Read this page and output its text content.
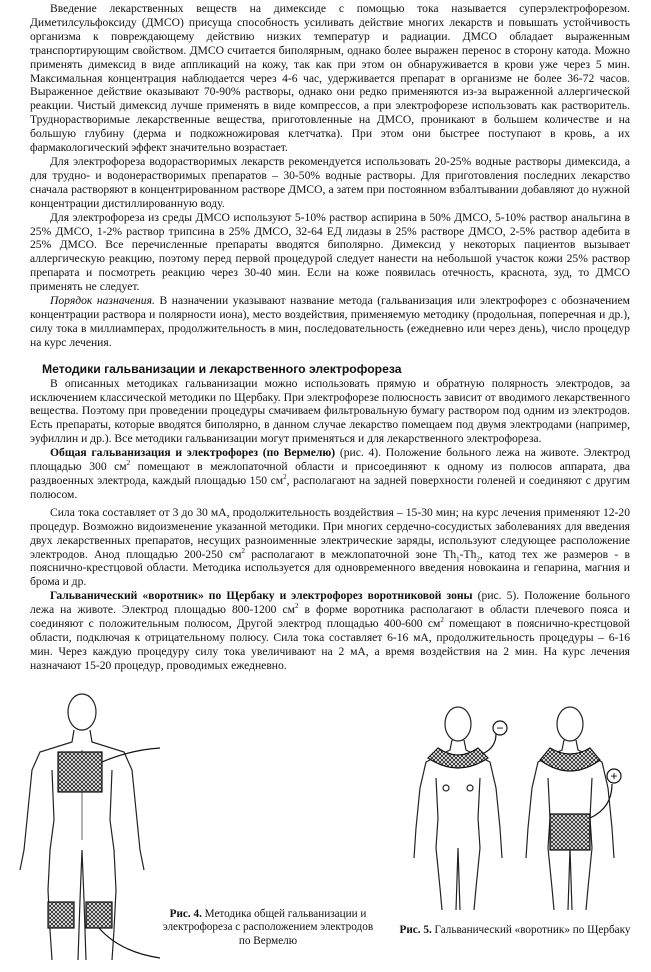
Введение лекарственных веществ на димексиде с помощью тока называется суперэлектрофорезом. Диметилсульфоксиду (ДМСО) присуща способность усиливать действие многих лекарств и повышать устойчивость организма к повреждающему действию низких температур и радиации. ДМСО обладает выраженным транспортирующим свойством. ДМСО считается биполярным, однако более выражен перенос в сторону катода. Можно применять димексид в виде аппликаций на кожу, так как при этом он обнаруживается в крови уже через 5 мин. Максимальная концентрация наблюдается через 4-6 час, удерживается препарат в организме не более 36-72 часов. Выраженное действие оказывают 70-90% растворы, однако они редко применяются из-за выраженной аллергической реакции. Чистый димексид лучше применять в виде компрессов, а при электрофорезе использовать как растворитель. Труднорастворимые лекарственные вещества, приготовленные на ДМСО, проникают в большем количестве и на большую глубину (дерма и подкожножировая клетчатка). При этом они быстрее поступают в кровь, а их фармакологический эффект значительно возрастает.

Для электрофореза водорастворимых лекарств рекомендуется использовать 20-25% водные растворы димексида, а для трудно- и водонерастворимых препаратов – 30-50% водные растворы. Для приготовления последних лекарство сначала растворяют в концентрированном растворе ДМСО, а затем при постоянном взбалтывании добавляют до нужной концентрации дистиллированную воду.

Для электрофореза из среды ДМСО используют 5-10% раствор аспирина в 50% ДМСО, 5-10% раствор анальгина в 25% ДМСО, 1-2% раствор трипсина в 25% ДМСО, 32-64 ЕД лидазы в 25% растворе ДМСО, 2-5% раствор адебита в 25% ДМСО. Все перечисленные препараты вводятся биполярно. Димексид у некоторых пациентов вызывает аллергическую реакцию, поэтому перед первой процедурой следует нанести на небольшой участок кожи 25% раствор препарата и посмотреть реакцию через 30-40 мин. Если на коже появилась отечность, краснота, зуд, то ДМСО применять не следует.

Порядок назначения. В назначении указывают название метода (гальванизация или электрофорез с обозначением концентрации раствора и полярности иона), место воздействия, применяемую методику (продольная, поперечная и др.), силу тока в миллиамперах, продолжительность в мин, последовательность (ежедневно или через день), число процедур на курс лечения.

Методики гальванизации и лекарственного электрофореза

В описанных методиках гальванизации можно использовать прямую и обратную полярность электродов, за исключением классической методики по Щербаку. При электрофорезе полюсность зависит от вводимого лекарственного вещества. Поэтому при проведении процедуры смачиваем фильтровальную бумагу раствором под одним из электродов. Есть препараты, которые вводятся биполярно, в данном случае лекарство помещаем под двумя электродами (например, эуфиллин и др.). Все методики гальванизации могут применяться и для лекарственного электрофореза.

Общая гальванизация и электрофорез (по Вермелю) (рис. 4). Положение больного лежа на животе. Электрод площадью 300 $см^2$ помещают в межлопаточной области и присоединяют к одному из полюсов аппарата, два раздвоенных электрода, каждый площадью 150 $см^2$, располагают на задней поверхности голеней и соединяют с другим полюсом.

Сила тока составляет от 3 до 30 мА, продолжительность воздействия – 15-30 мин; на курс лечения применяют 12-20 процедур. Возможно видоизменение указанной методики. При многих сердечно-сосудистых заболеваниях для введения двух лекарственных препаратов, несущих разноименные электрические заряды, используют следующее расположение электродов. Анод площадью 200-250 $см^2$ располагают в межлопаточной зоне $Th_1-Th_2$, катод тех же размеров - в пояснично-крестцовой области. Методика используется для одновременного введения новокаина и гепарина, магния и брома и др.

Гальванический «воротник» по Щербаку и электрофорез воротниковой зоны (рис. 5). Положение больного лежа на животе. Электрод площадью 800-1200 $см^2$ в форме воротника располагают в области плечевого пояса и соединяют с положительным полюсом, Другой электрод площадью 400-600 $см^2$ помещают в пояснично-крестцовой области, подключая к отрицательному полюсу. Сила тока составляет 6-16 мА, продолжительность процедуры – 6-16 мин. Через каждую процедуру силу тока увеличивают на 2 мА, а время воздействия на 2 мин. На курс лечения назначают 15-20 процедур, проводимых ежедневно.

Рис. 4. Методика общей гальванизации и электрофореза с расположением электродов по Вермелю
−
+
Рис. 5. Гальванический «воротник» по Щербаку
